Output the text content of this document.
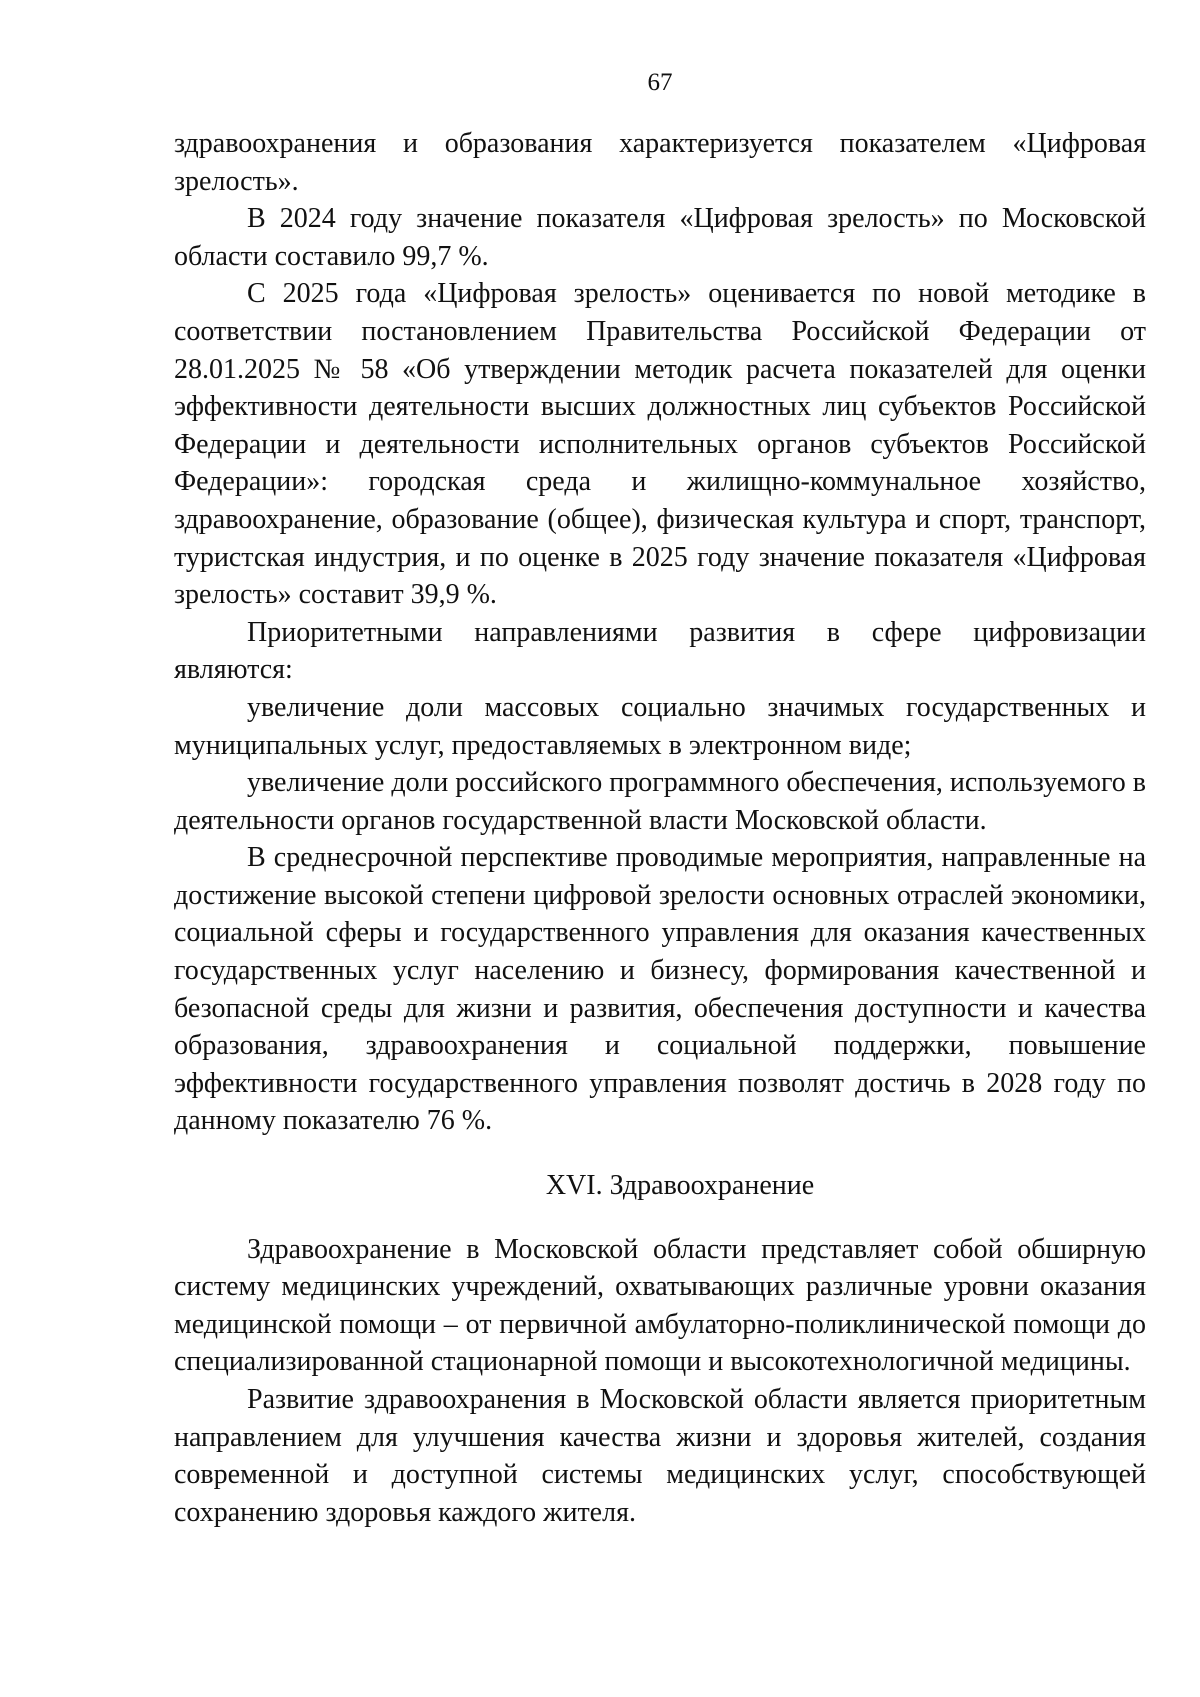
67

здравоохранения и образования характеризуется показателем «Цифровая зрелость».

В 2024 году значение показателя «Цифровая зрелость» по Московской области составило 99,7 %.

С 2025 года «Цифровая зрелость» оценивается по новой методике в соответствии постановлением Правительства Российской Федерации от 28.01.2025 № 58 «Об утверждении методик расчета показателей для оценки эффективности деятельности высших должностных лиц субъектов Российской Федерации и деятельности исполнительных органов субъектов Российской Федерации»: городская среда и жилищно-коммунальное хозяйство, здравоохранение, образование (общее), физическая культура и спорт, транспорт, туристская индустрия, и по оценке в 2025 году значение показателя «Цифровая зрелость» составит 39,9 %.

Приоритетными направлениями развития в сфере цифровизации являются:

увеличение доли массовых социально значимых государственных и муниципальных услуг, предоставляемых в электронном виде;

увеличение доли российского программного обеспечения, используемого в деятельности органов государственной власти Московской области.

В среднесрочной перспективе проводимые мероприятия, направленные на достижение высокой степени цифровой зрелости основных отраслей экономики, социальной сферы и государственного управления для оказания качественных государственных услуг населению и бизнесу, формирования качественной и безопасной среды для жизни и развития, обеспечения доступности и качества образования, здравоохранения и социальной поддержки, повышение эффективности государственного управления позволят достичь в 2028 году по данному показателю 76 %.

XVI. Здравоохранение

Здравоохранение в Московской области представляет собой обширную систему медицинских учреждений, охватывающих различные уровни оказания медицинской помощи – от первичной амбулаторно-поликлинической помощи до специализированной стационарной помощи и высокотехнологичной медицины.

Развитие здравоохранения в Московской области является приоритетным направлением для улучшения качества жизни и здоровья жителей, создания современной и доступной системы медицинских услуг, способствующей сохранению здоровья каждого жителя.
